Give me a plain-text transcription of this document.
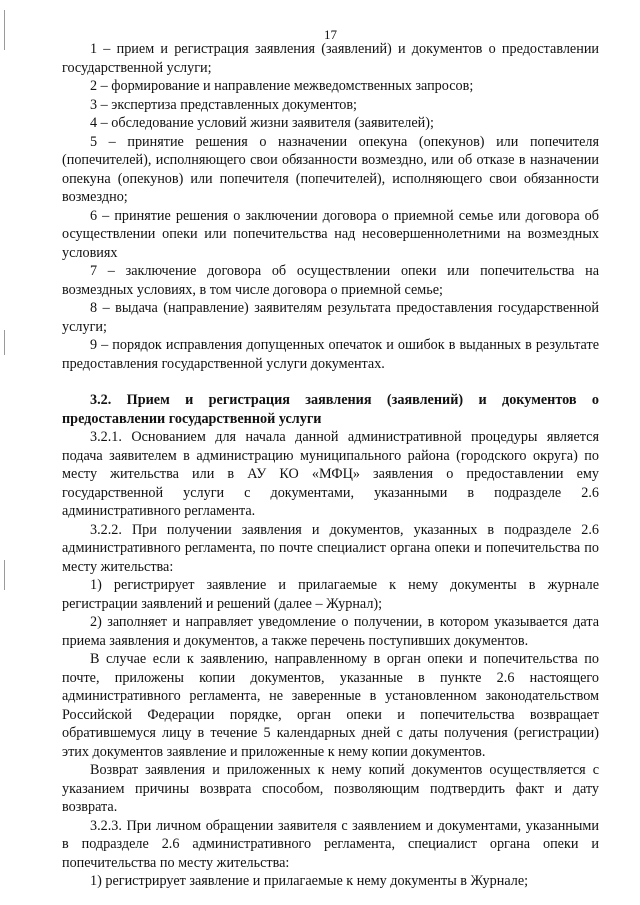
17

1 – прием и регистрация заявления (заявлений) и документов о предоставлении государственной услуги;

2 – формирование и направление межведомственных запросов;

3 – экспертиза представленных документов;

4 – обследование условий жизни заявителя (заявителей);

5 – принятие решения о назначении опекуна (опекунов) или попечителя (попечителей), исполняющего свои обязанности возмездно, или об отказе в назначении опекуна (опекунов) или попечителя (попечителей), исполняющего свои обязанности возмездно;

6 – принятие решения о заключении договора о приемной семье или договора об осуществлении опеки или попечительства над несовершеннолетними на возмездных условиях

7 – заключение договора об осуществлении опеки или попечительства на возмездных условиях, в том числе договора о приемной семье;

8 – выдача (направление) заявителям результата предоставления государственной услуги;

9 – порядок исправления допущенных опечаток и ошибок в выданных в результате предоставления государственной услуги документах.

3.2. Прием и регистрация заявления (заявлений) и документов о предоставлении государственной услуги

3.2.1. Основанием для начала данной административной процедуры является подача заявителем в администрацию муниципального района (городского округа) по месту жительства или в АУ КО «МФЦ» заявления о предоставлении ему государственной услуги с документами, указанными в подразделе 2.6 административного регламента.

3.2.2. При получении заявления и документов, указанных в подразделе 2.6 административного регламента, по почте специалист органа опеки и попечительства по месту жительства:

1) регистрирует заявление и прилагаемые к нему документы в журнале регистрации заявлений и решений (далее – Журнал);

2) заполняет и направляет уведомление о получении, в котором указывается дата приема заявления и документов, а также перечень поступивших документов.

В случае если к заявлению, направленному в орган опеки и попечительства по почте, приложены копии документов, указанные в пункте 2.6 настоящего административного регламента, не заверенные в установленном законодательством Российской Федерации порядке, орган опеки и попечительства возвращает обратившемуся лицу в течение 5 календарных дней с даты получения (регистрации) этих документов заявление и приложенные к нему копии документов.

Возврат заявления и приложенных к нему копий документов осуществляется с указанием причины возврата способом, позволяющим подтвердить факт и дату возврата.

3.2.3. При личном обращении заявителя с заявлением и документами, указанными в подразделе 2.6 административного регламента, специалист органа опеки и попечительства по месту жительства:

1) регистрирует заявление и прилагаемые к нему документы в Журнале;
